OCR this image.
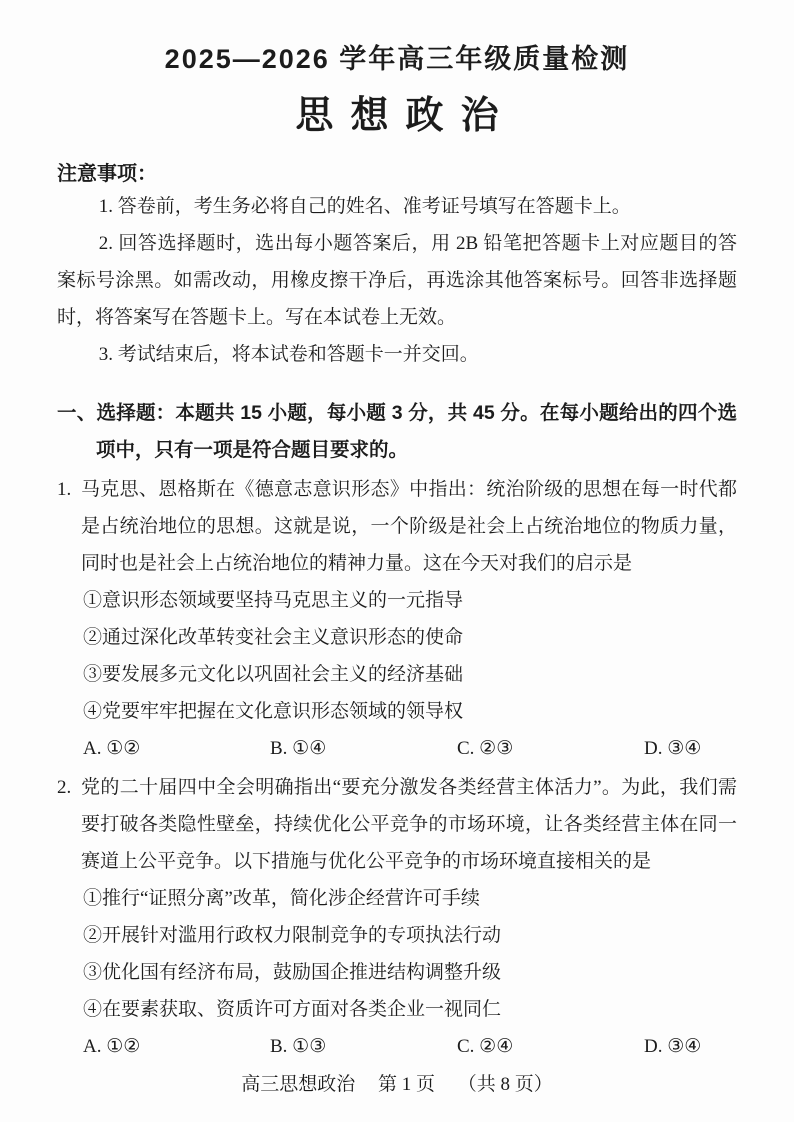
2025—2026 学年高三年级质量检测
思想政治
注意事项：

1. 答卷前，考生务必将自己的姓名、准考证号填写在答题卡上。

2. 回答选择题时，选出每小题答案后，用 2B 铅笔把答题卡上对应题目的答案标号涂黑。如需改动，用橡皮擦干净后，再选涂其他答案标号。回答非选择题时，将答案写在答题卡上。写在本试卷上无效。

3. 考试结束后，将本试卷和答题卡一并交回。

一、选择题：本题共 15 小题，每小题 3 分，共 45 分。在每小题给出的四个选项中，只有一项是符合题目要求的。
1. 马克思、恩格斯在《德意志意识形态》中指出：统治阶级的思想在每一时代都是占统治地位的思想。这就是说，一个阶级是社会上占统治地位的物质力量，同时也是社会上占统治地位的精神力量。这在今天对我们的启示是

①意识形态领域要坚持马克思主义的一元指导

②通过深化改革转变社会主义意识形态的使命

③要发展多元文化以巩固社会主义的经济基础

④党要牢牢把握在文化意识形态领域的领导权

A. ①②	B. ①④	C. ②③	D. ③④
2. 党的二十届四中全会明确指出“要充分激发各类经营主体活力”。为此，我们需要打破各类隐性壁垒，持续优化公平竞争的市场环境，让各类经营主体在同一赛道上公平竞争。以下措施与优化公平竞争的市场环境直接相关的是

①推行“证照分离”改革，简化涉企经营许可手续

②开展针对滥用行政权力限制竞争的专项执法行动

③优化国有经济布局，鼓励国企推进结构调整升级

④在要素获取、资质许可方面对各类企业一视同仁

A. ①②	B. ①③	C. ②④	D. ③④
高三思想政治 第 1 页 （共 8 页）
